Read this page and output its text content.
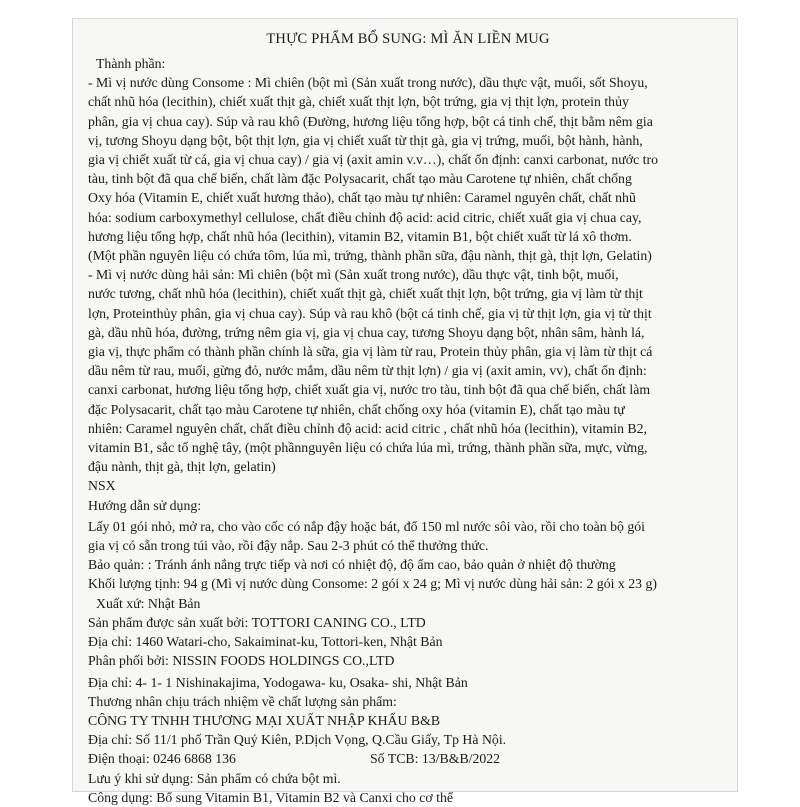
THỰC PHẨM BỔ SUNG: MÌ ĂN LIỀN MUG

Thành phần:

- Mì vị nước dùng Consome : Mì chiên (bột mì (Sản xuất trong nước), dầu thực vật, muối, sốt Shoyu,

chất nhũ hóa (lecithin), chiết xuất thịt gà, chiết xuất thịt lợn, bột trứng, gia vị thịt lợn, protein thủy

phân, gia vị chua cay). Súp và rau khô (Đường, hương liệu tổng hợp, bột cá tinh chế, thịt bằm nêm gia

vị, tương Shoyu dạng bột, bột thịt lợn, gia vị chiết xuất từ thịt gà, gia vị trứng, muối, bột hành, hành,

gia vị chiết xuất từ cá, gia vị chua cay) / gia vị (axit amin v.v…), chất ổn định: canxi carbonat, nước tro

tàu, tinh bột đã qua chế biến, chất làm đặc Polysacarit, chất tạo màu Carotene tự nhiên, chất chống

Oxy hóa (Vitamin E, chiết xuất hương thảo), chất tạo màu tự nhiên: Caramel nguyên chất, chất nhũ

hóa: sodium carboxymethyl cellulose, chất điều chỉnh độ acid: acid citric, chiết xuất gia vị chua cay,

hương liệu tổng hợp, chất nhũ hóa (lecithin), vitamin B2, vitamin B1, bột chiết xuất từ lá xô thơm.

(Một phần nguyên liệu có chứa tôm, lúa mì, trứng, thành phần sữa, đậu nành, thịt gà, thịt lợn, Gelatin)

- Mì vị nước dùng hải sản: Mì chiên (bột mì (Sản xuất trong nước), dầu thực vật, tinh bột, muối,

nước tương, chất nhũ hóa (lecithin), chiết xuất thịt gà, chiết xuất thịt lợn, bột trứng, gia vị làm từ thịt

lợn, Proteinthủy phân, gia vị chua cay). Súp và rau khô (bột cá tinh chế, gia vị từ thịt lợn, gia vị từ thịt

gà, dầu nhũ hóa, đường, trứng nêm gia vị, gia vị chua cay, tương Shoyu dạng bột, nhân sâm, hành lá,

gia vị, thực phẩm có thành phần chính là sữa, gia vị làm từ rau, Protein thủy phân, gia vị làm từ thịt cá

dầu nêm từ rau, muối, gừng đỏ, nước mắm, dầu nêm từ thịt lợn) / gia vị (axit amin, vv), chất ổn định:

canxi carbonat, hương liệu tổng hợp, chiết xuất gia vị, nước tro tàu, tinh bột đã qua chế biến, chất làm

đặc Polysacarit, chất tạo màu Carotene tự nhiên, chất chống oxy hóa (vitamin E), chất tạo màu tự

nhiên: Caramel nguyên chất, chất điều chỉnh độ acid: acid citric , chất nhũ hóa (lecithin), vitamin B2,

vitamin B1, sắc tố nghệ tây, (một phầnnguyên liệu có chứa lúa mì, trứng, thành phần sữa, mực, vừng,

đậu nành, thịt gà, thịt lợn, gelatin)

NSX

Hướng dẫn sử dụng:

Lấy 01 gói nhỏ, mở ra, cho vào cốc có nắp đậy hoặc bát, đổ 150 ml nước sôi vào, rồi cho toàn bộ gói

gia vị có sẵn trong túi vào, rồi đậy nắp. Sau 2-3 phút có thể thưởng thức.

Bảo quản: : Tránh ánh nắng trực tiếp và nơi có nhiệt độ, độ ẩm cao, bảo quản ở nhiệt độ thường

Khối lượng tịnh: 94 g (Mì vị nước dùng Consome: 2 gói x 24 g; Mì vị nước dùng hải sản: 2 gói x 23 g)

Xuất xứ: Nhật Bản

Sản phẩm được sản xuất bởi: TOTTORI CANING CO., LTD

Địa chỉ: 1460 Watari-cho, Sakaiminat-ku, Tottori-ken, Nhật Bản

Phân phối bởi: NISSIN FOODS HOLDINGS CO.,LTD

Địa chỉ: 4- 1- 1 Nishinakajima, Yodogawa- ku, Osaka- shi, Nhật Bản

Thương nhân chịu trách nhiệm về chất lượng sản phẩm:

CÔNG TY TNHH THƯƠNG MẠI XUẤT NHẬP KHẨU B&B

Địa chỉ: Số 11/1 phố Trần Quý Kiên, P.Dịch Vọng, Q.Cầu Giấy, Tp Hà Nội.

Điện thoại: 0246 6868 136	Số TCB: 13/B&B/2022

Lưu ý khi sử dụng: Sản phẩm có chứa bột mì.

Công dụng: Bổ sung Vitamin B1, Vitamin B2 và Canxi cho cơ thể
